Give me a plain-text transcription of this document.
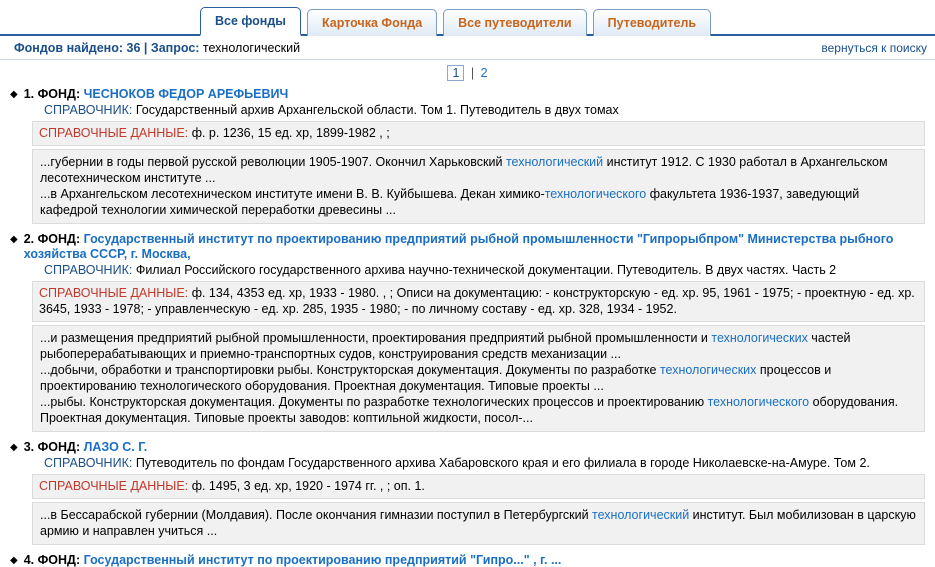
Все фонды	Карточка Фонда	Все путеводители	Путеводитель
Фондов найдено: 36 | Запрос: технологический	вернуться к поиску
1 | 2
◆ 1. ФОНД: ЧЕСНОКОВ ФЕДОР АРЕФЬЕВИЧ
СПРАВОЧНИК: Государственный архив Архангельской области. Том 1. Путеводитель в двух томах
СПРАВОЧНЫЕ ДАННЫЕ: ф. р. 1236, 15 ед. хр, 1899-1982 , ;

...губернии в годы первой русской революции 1905-1907. Окончил Харьковский технологический институт 1912. С 1930 работал в Архангельском лесотехническом институте ...

...в Архангельском лесотехническом институте имени В. В. Куйбышева. Декан химико-технологического факультета 1936-1937, заведующий кафедрой технологии химической переработки древесины ...

◆ 2. ФОНД: Государственный институт по проектированию предприятий рыбной промышленности "Гипрорыбпром" Министерства рыбного хозяйства СССР, г. Москва,
СПРАВОЧНИК: Филиал Российского государственного архива научно-технической документации. Путеводитель. В двух частях. Часть 2
СПРАВОЧНЫЕ ДАННЫЕ: ф. 134, 4353 ед. хр, 1933 - 1980. , ; Описи на документацию: - конструкторскую - ед. хр. 95, 1961 - 1975; - проектную - ед. хр. 3645, 1933 - 1978; - управленческую - ед. хр. 285, 1935 - 1980; - по личному составу - ед. хр. 328, 1934 - 1952.

...и размещения предприятий рыбной промышленности, проектирования предприятий рыбной промышленности и технологических частей рыбоперерабатывающих и приемно-транспортных судов, конструирования средств механизации ...

...добычи, обработки и транспортировки рыбы. Конструкторская документация. Документы по разработке технологических процессов и проектированию технологического оборудования. Проектная документация. Типовые проекты ...

...рыбы. Конструкторская документация. Документы по разработке технологических процессов и проектированию технологического оборудования. Проектная документация. Типовые проекты заводов: коптильной жидкости, посол-...

◆ 3. ФОНД: ЛАЗО С. Г.
СПРАВОЧНИК: Путеводитель по фондам Государственного архива Хабаровского края и его филиала в городе Николаевске-на-Амуре. Том 2.
СПРАВОЧНЫЕ ДАННЫЕ: ф. 1495, 3 ед. хр, 1920 - 1974 гг. , ; оп. 1.

...в Бессарабской губернии (Молдавия). После окончания гимназии поступил в Петербургский технологический институт. Был мобилизован в царскую армию и направлен учиться ...

◆ 4. ФОНД: Государственный институт по проектированию предприятий "Гипро..." , г. ...
